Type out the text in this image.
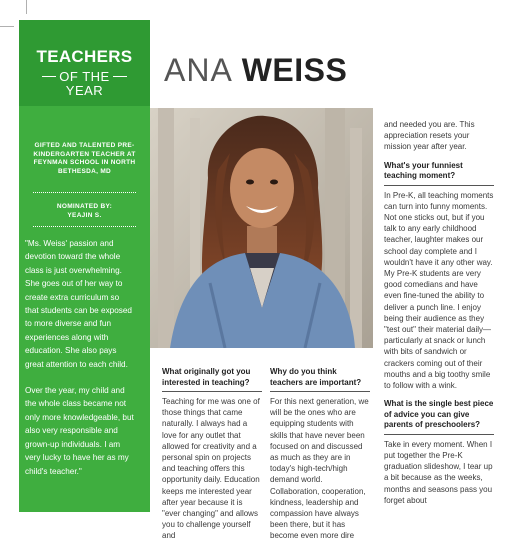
TEACHERS
OF THE
YEAR
GIFTED AND TALENTED PRE-KINDERGARTEN TEACHER AT FEYNMAN SCHOOL IN NORTH BETHESDA, MD
NOMINATED BY:
YEAJIN S.

"Ms. Weiss' passion and devotion toward the whole class is just overwhelming. She goes out of her way to create extra curriculum so that students can be exposed to more diverse and fun experiences along with education. She also pays great attention to each child.

Over the year, my child and the whole class became not only more knowledgeable, but also very responsible and grown-up individuals. I am very lucky to have her as my child's teacher."

ANA WEISS
What originally got you interested in teaching?

Teaching for me was one of those things that came naturally. I always had a love for any outlet that allowed for creativity and a personal spin on projects and teaching offers this opportunity daily. Education keeps me interested year after year because it is "ever changing" and allows you to challenge yourself and

Why do you think teachers are important?

For this next generation, we will be the ones who are equipping students with skills that have never been focused on and discussed as much as they are in today's high-tech/high demand world. Collaboration, cooperation, kindness, leadership and compassion have always been there, but it has become even more dire

and needed you are. This appreciation resets your mission year after year.

What's your funniest teaching moment?

In Pre-K, all teaching moments can turn into funny moments. Not one sticks out, but if you talk to any early childhood teacher, laughter makes our school day complete and I wouldn't have it any other way. My Pre-K students are very good comedians and have even fine-tuned the ability to deliver a punch line. I enjoy being their audience as they "test out" their material daily—particularly at snack or lunch with bits of sandwich or crackers coming out of their mouths and a big toothy smile to follow with a wink.

What is the single best piece of advice you can give parents of preschoolers?

Take in every moment. When I put together the Pre-K graduation slideshow, I tear up a bit because as the weeks, months and seasons pass you forget about
